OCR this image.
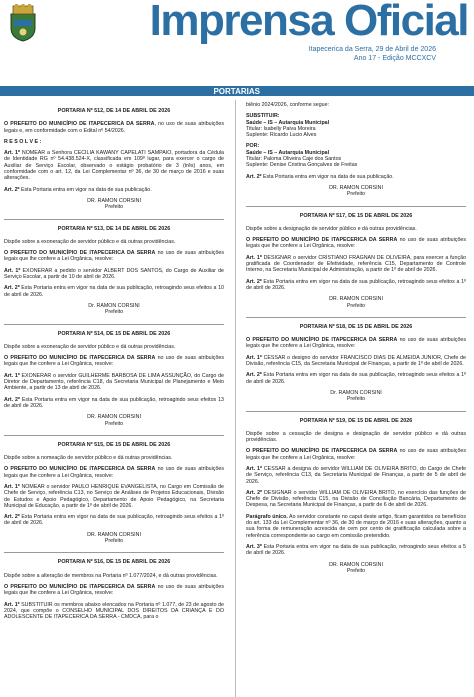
Imprensa Oficial
Itapecerica da Serra, 29 de Abril de 2026
Ano 17 - Edição MCCXCV
PORTARIAS
PORTARIA Nº 512, DE 14 DE ABRIL DE 2026

O PREFEITO DO MUNICÍPIO DE ITAPECERICA DA SERRA, no uso de suas atribuições legais e, em conformidade com o Edital nº 54/2026.

R E S O L V E :

Art. 1º NOMEAR a Senhora CECILIA KAWANY CAPELATI SAMPAIO, portadora da Cédula de Identidade RG nº 54.438.524-X, classificada em 109º lugar, para exercer o cargo de Auxiliar de Serviço Escolar, observado o estágio probatório de 3 (três) anos, em conformidade com o art. 12, da Lei Complementar nº 36, de 30 de março de 2016 e suas alterações.

Art. 2º Esta Portaria entra em vigor na data de sua publicação.

DR. RAMON CORSINI

Prefeito

PORTARIA Nº 513, DE 14 DE ABRIL DE 2026

Dispõe sobre a exoneração de servidor público e dá outras providências.

O PREFEITO DO MUNICÍPIO DE ITAPECERICA DA SERRA no uso de suas atribuições legais que lhe confere a Lei Orgânica, resolve:

Art. 1º EXONERAR a pedido o servidor ALBERT DOS SANTOS, do Cargo de Auxiliar de Serviço Escolar, a partir de 10 de abril de 2026.

Art. 2º Esta Portaria entra em vigor na data de sua publicação, retroagindo seus efeitos a 10 de abril de 2026.

Dr. RAMON CORSINI

Prefeito

PORTARIA Nº 514, DE 15 DE ABRIL DE 2026

Dispõe sobre a exoneração de servidor público e dá outras providências.

O PREFEITO DO MUNICÍPIO DE ITAPECERICA DA SERRA no uso de suas atribuições legais que lhe confere a Lei Orgânica, resolve:

Art. 1º EXONERAR o servidor GUILHERME BARBOSA DE LIMA ASSUNÇÃO, do Cargo de Diretor de Departamento, referência C18, da Secretaria Municipal de Planejamento e Meio Ambiente, a partir de 13 de abril de 2026.

Art. 2º Esta Portaria entra em vigor na data de sua publicação, retroagindo seus efeitos 13 de abril de 2026.

DR. RAMON CORSINI

Prefeito

PORTARIA Nº 515, DE 15 DE ABRIL DE 2026

Dispõe sobre a nomeação de servidor público e dá outras providências.

O PREFEITO DO MUNICÍPIO DE ITAPECERICA DA SERRA no uso de suas atribuições legais que lhe confere a Lei Orgânica, resolve:

Art. 1º NOMEAR o servidor PAULO HENRIQUE EVANGELISTA, no Cargo em Comissão de Chefe de Serviço, referência C13, no Serviço de Análises de Projetos Educacionais, Divisão de Estudos e Apoio Pedagógico, Departamento de Apoio Pedagógico, na Secretaria Municipal de Educação, a partir de 1º de abril de 2026.

Art. 2º Esta Portaria entra em vigor na data de sua publicação, retroagindo seus efeitos a 1º de abril de 2026.

DR. RAMON CORSINI

Prefeito

PORTARIA Nº 516, DE 15 DE ABRIL DE 2026

Dispõe sobre a alteração de membros na Portaria nº 1.077/2024, e dá outras providências.

O PREFEITO DO MUNICÍPIO DE ITAPECERICA DA SERRA no uso de suas atribuições legais que lhe confere a Lei Orgânica, resolve:

Art. 1º SUBSTITUIR os membros abaixo elencados na Portaria nº 1.077, de 23 de agosto de 2024, que compõe o CONSELHO MUNICIPAL DOS DIREITOS DA CRIANÇA E DO ADOLESCENTE DE ITAPECERICA DA SERRA - CMDCA, para o

biênio 2024/2026, conforme segue:

SUBSTITUIR:

Saúde – IS – Autarquia Municipal

Titular: Isabelly Paiva Moreira

Suplente: Ricardo Lucio Alves

POR:

Saúde – IS – Autarquia Municipal

Titular: Paloma Oliveira Caje dos Santos

Suplente: Denise Cristina Gonçalves de Freitas

Art. 2º Esta Portaria entra em vigor na data de sua publicação.

DR. RAMON CORSINI

Prefeito

PORTARIA Nº 517, DE 15 DE ABRIL DE 2026

Dispõe sobre a designação de servidor público e dá outras providências.

O PREFEITO DO MUNICÍPIO DE ITAPECERICA DA SERRA no uso de suas atribuições legais que lhe confere a Lei Orgânica, resolve:

Art. 1º DESIGNAR o servidor CRISTIANO FRAGNAN DE OLIVEIRA, para exercer a função gratificada de Coordenador de Efetividade, referência C15, Departamento de Controle Interno, na Secretaria Municipal de Administração, a partir de 1º de abril de 2026.

Art. 2º Esta Portaria entra em vigor na data de sua publicação, retroagindo seus efeitos a 1º de abril de 2026.

DR. RAMON CORSINI

Prefeito

PORTARIA Nº 518, DE 15 DE ABRIL DE 2026

O PREFEITO DO MUNICÍPIO DE ITAPECERICA DA SERRA no uso de suas atribuições legais que lhe confere a Lei Orgânica, resolve:

Art. 1º CESSAR o designo do servidor FRANCISCO DIAS DE ALMEIDA JUNIOR, Chefe de Divisão, referência C15, da Secretaria Municipal de Finanças, a partir de 1º de abril de 2026.

Art. 2º Esta Portaria entra em vigor na data de sua publicação, retroagindo seus efeitos a 1º de abril de 2026.

Dr. RAMON CORSINI

Prefeito

PORTARIA Nº 519, DE 15 DE ABRIL DE 2026

Dispõe sobre a cessação de designa e designação de servidor público e dá outras providências.

O PREFEITO DO MUNICÍPIO DE ITAPECERICA DA SERRA no uso de suas atribuições legais que lhe confere a Lei Orgânica, resolve:

Art. 1º CESSAR a designa do servidor WILLIAM DE OLIVEIRA BRITO, do Cargo de Chefe de Serviço, referência C13, da Secretaria Municipal de Finanças, a partir de 5 de abril de 2026.

Art. 2º DESIGNAR o servidor WILLIAM DE OLIVEIRA BRITO, no exercício das funções de Chefe de Divisão, referência C15, na Divisão de Conciliação Bancária, Departamento de Despesa, na Secretaria Municipal de Finanças, a partir de 6 de abril de 2026.

Parágrafo único. Ao servidor constante no caput deste artigo, ficam garantidos os benefícios do art. 133 da Lei Complementar nº 36, de 30 de março de 2016 e suas alterações, quanto a sua forma de remuneração acrescida de cem por cento de gratificação calculada sobre a referência correspondente ao cargo em comissão pretendido.

Art. 3º Esta Portaria entra em vigor na data de sua publicação, retroagindo seus efeitos a 5 de abril de 2026.

DR. RAMON CORSINI

Prefeito
